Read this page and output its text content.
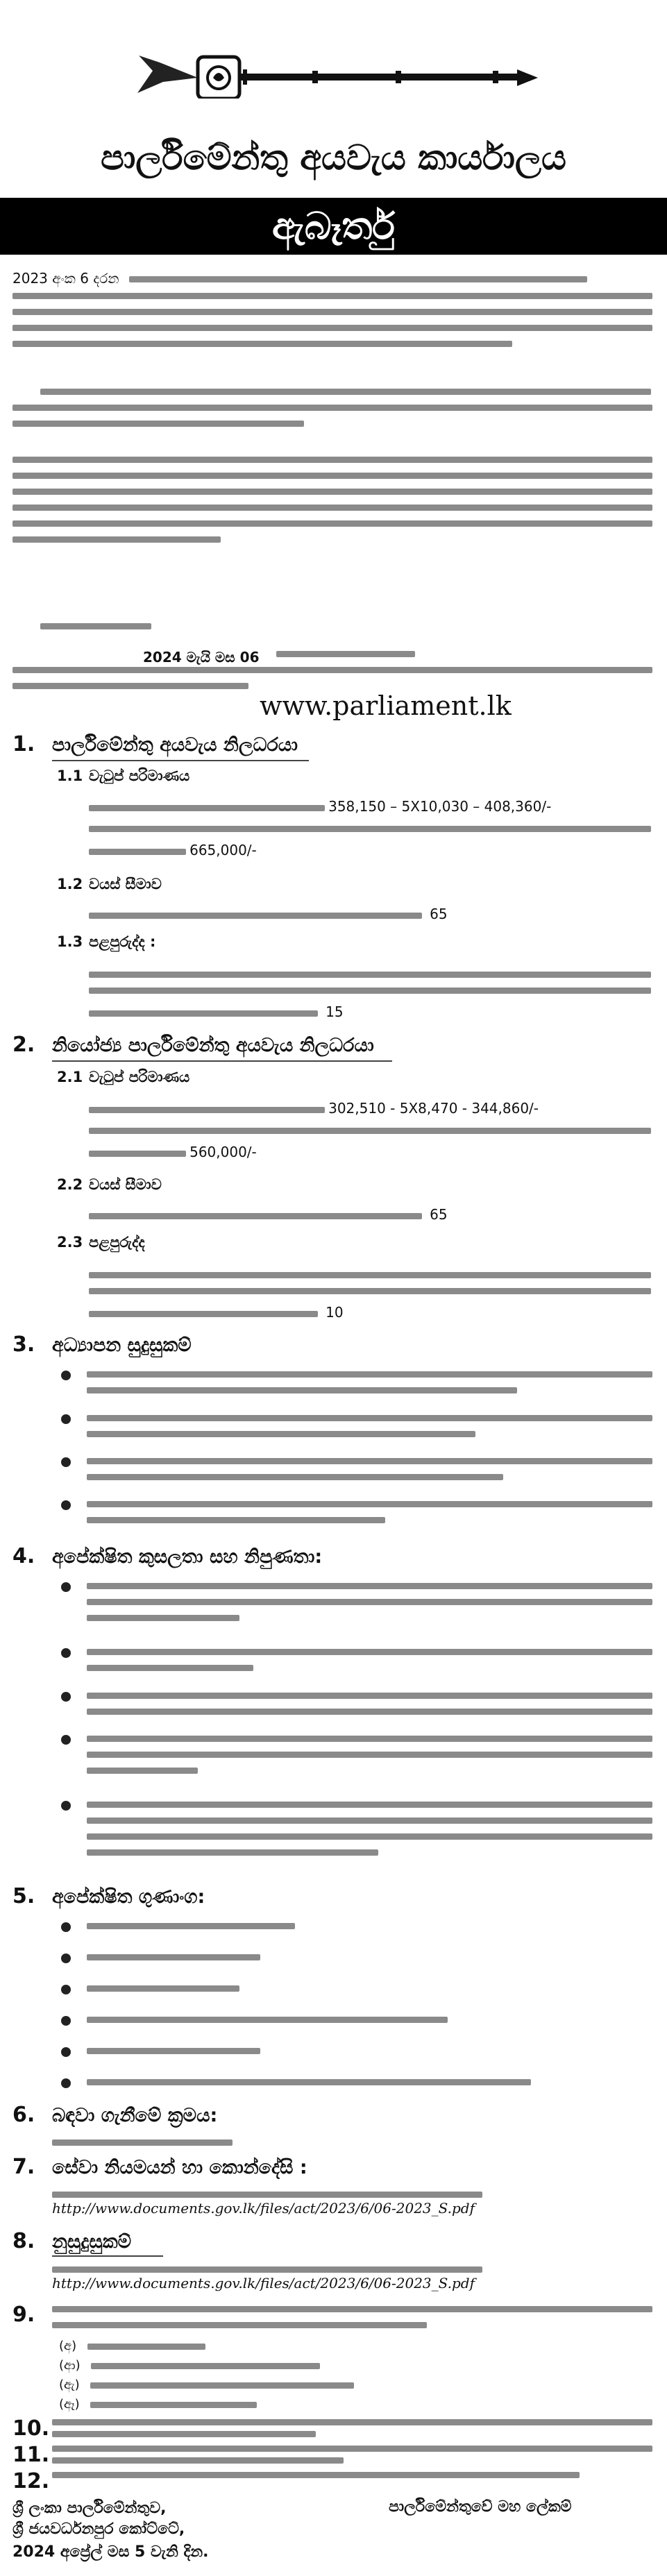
පාර්ලිමේන්තු අයවැය කාර්යාලය
ඇබෑර්තු
2023 අංක 6 දරන
2024 මැයි මස 06
www.parliament.lk
1. පාර්ලිමේන්තු අයවැය නිලධරයා
1.1 වැටුප් පරිමාණය
358,150 – 5X10,030 – 408,360/-
665,000/-
1.2 වයස් සීමාව
65
1.3 පළපුරුද්ද :
15
2. නියෝජ්‍ය පාර්ලිමේන්තු අයවැය නිලධරයා
2.1 වැටුප් පරිමාණය
302,510 - 5X8,470 - 344,860/-
560,000/-
2.2 වයස් සීමාව
65
2.3 පළපුරුද්ද
10
3. අධ්‍යාපන සුදුසුකම්
4. අපේක්ෂිත කුසලතා සහ නිපුණතා:
5. අපේක්ෂිත ගුණාංග:
6. බඳවා ගැනීමේ ක්‍රමය:
7. සේවා නියමයන් හා කොන්දේසි :
http://www.documents.gov.lk/files/act/2023/6/06-2023_S.pdf
8. නුසුදුසුකම්
http://www.documents.gov.lk/files/act/2023/6/06-2023_S.pdf
9.
(අ)
(ආ)
(ඇ)
(ඈ)
10.
11.
12.
ශ්‍රී ලංකා පාර්ලිමේන්තුව,
ශ්‍රී ජයවර්ධනපුර කෝට්ටේ,
පාර්ලිමේන්තුවේ මහ ලේකම්
2024 අප්‍රේල් මස 5 වැනි දින.
